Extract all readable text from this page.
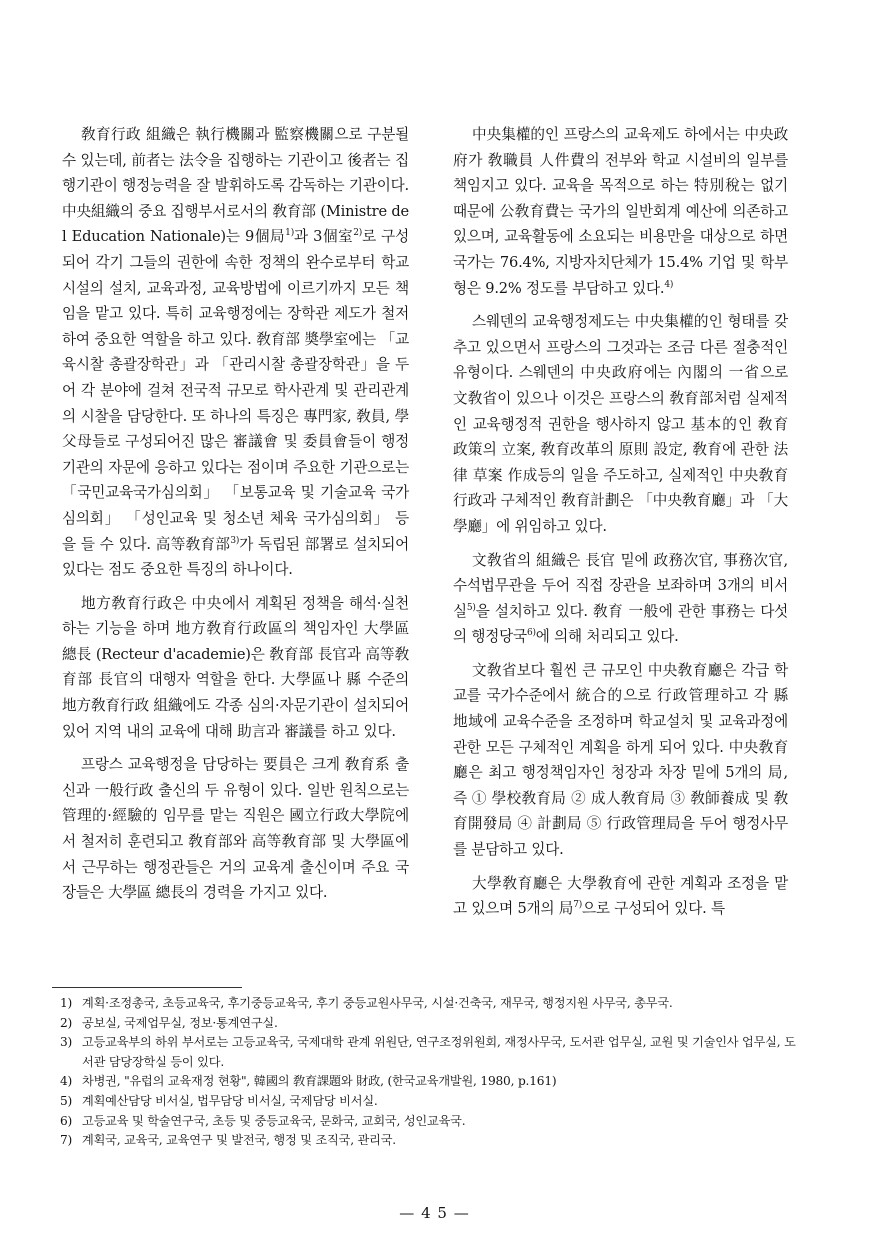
敎育行政 組織은 執行機關과 監察機關으로 구분될 수 있는데, 前者는 法令을 집행하는 기관이고 後者는 집행기관이 행정능력을 잘 발휘하도록 감독하는 기관이다. 中央組織의 중요 집행부서로서의 敎育部 (Ministre de l Education Nationale)는 9個局$^{1)}$과 3個室$^{2)}$로 구성되어 각기 그들의 권한에 속한 정책의 완수로부터 학교 시설의 설치, 교육과정, 교육방법에 이르기까지 모든 책임을 맡고 있다. 특히 교육행정에는 장학관 제도가 철저하여 중요한 역할을 하고 있다. 敎育部 奬學室에는 「교육시찰 총괄장학관」과 「관리시찰 총괄장학관」을 두어 각 분야에 걸쳐 전국적 규모로 학사관계 및 관리관계의 시찰을 담당한다. 또 하나의 특징은 專門家, 敎員, 學父母들로 구성되어진 많은 審議會 및 委員會들이 행정기관의 자문에 응하고 있다는 점이며 주요한 기관으로는 「국민교육국가심의회」 「보통교육 및 기술교육 국가심의회」 「성인교육 및 청소년 체육 국가심의회」 등을 들 수 있다. 高等敎育部$^{3)}$가 독립된 部署로 설치되어 있다는 점도 중요한 특징의 하나이다.

地方敎育行政은 中央에서 계획된 정책을 해석·실천하는 기능을 하며 地方敎育行政區의 책임자인 大學區 總長 (Recteur d'academie)은 敎育部 長官과 高等敎育部 長官의 대행자 역할을 한다. 大學區나 縣 수준의 地方敎育行政 組織에도 각종 심의·자문기관이 설치되어 있어 지역 내의 교육에 대해 助言과 審議를 하고 있다.

프랑스 교육행정을 담당하는 要員은 크게 敎育系 출신과 一般行政 출신의 두 유형이 있다. 일반 원칙으로는 管理的·經驗的 임무를 맡는 직원은 國立行政大學院에서 철저히 훈련되고 敎育部와 高等敎育部 및 大學區에서 근무하는 행정관들은 거의 교육계 출신이며 주요 국장들은 大學區 總長의 경력을 가지고 있다.

中央集權的인 프랑스의 교육제도 하에서는 中央政府가 敎職員 人件費의 전부와 학교 시설비의 일부를 책임지고 있다. 교육을 목적으로 하는 特別稅는 없기 때문에 公敎育費는 국가의 일반회계 예산에 의존하고 있으며, 교육활동에 소요되는 비용만을 대상으로 하면 국가는 76.4%, 지방자치단체가 15.4% 기업 및 학부형은 9.2% 정도를 부담하고 있다.$^{4)}$

스웨덴의 교육행정제도는 中央集權的인 형태를 갖추고 있으면서 프랑스의 그것과는 조금 다른 절충적인 유형이다. 스웨덴의 中央政府에는 內閣의 一省으로 文敎省이 있으나 이것은 프랑스의 敎育部처럼 실제적인 교육행정적 권한을 행사하지 않고 基本的인 敎育政策의 立案, 敎育改革의 原則 設定, 敎育에 관한 法律 草案 作成등의 일을 주도하고, 실제적인 中央敎育行政과 구체적인 敎育計劃은 「中央敎育廳」과 「大學廳」에 위임하고 있다.

文敎省의 組織은 長官 밑에 政務次官, 事務次官, 수석법무관을 두어 직접 장관을 보좌하며 3개의 비서실$^{5)}$을 설치하고 있다. 敎育 一般에 관한 事務는 다섯의 행정당국$^{6)}$에 의해 처리되고 있다.

文敎省보다 훨씬 큰 규모인 中央敎育廳은 각급 학교를 국가수준에서 統合的으로 行政管理하고 각 縣 地域에 교육수준을 조정하며 학교설치 및 교육과정에 관한 모든 구체적인 계획을 하게 되어 있다. 中央敎育廳은 최고 행정책임자인 청장과 차장 밑에 5개의 局, 즉 ① 學校敎育局 ② 成人敎育局 ③ 敎師養成 및 敎育開發局 ④ 計劃局 ⑤ 行政管理局을 두어 행정사무를 분담하고 있다.

大學敎育廳은 大學敎育에 관한 계획과 조정을 맡고 있으며 5개의 局$^{7)}$으로 구성되어 있다. 특

1) 계획·조정총국, 초등교육국, 후기중등교육국, 후기 중등교원사무국, 시설·건축국, 재무국, 행정지원 사무국, 총무국.
2) 공보실, 국제업무실, 정보·통계연구실.
3) 고등교육부의 하위 부서로는 고등교육국, 국제대학 관계 위원단, 연구조정위원회, 재정사무국, 도서관 업무실, 교원 및 기술인사 업무실, 도서관 담당장학실 등이 있다.
4) 차병권, "유럽의 교육재정 현황", 韓國의 敎育課題와 財政, (한국교육개발원, 1980, p.161)
5) 계획예산담당 비서실, 법무담당 비서실, 국제담당 비서실.
6) 고등교육 및 학술연구국, 초등 및 중등교육국, 문화국, 교회국, 성인교육국.
7) 계획국, 교육국, 교육연구 및 발전국, 행정 및 조직국, 관리국.
— 4 5 —
